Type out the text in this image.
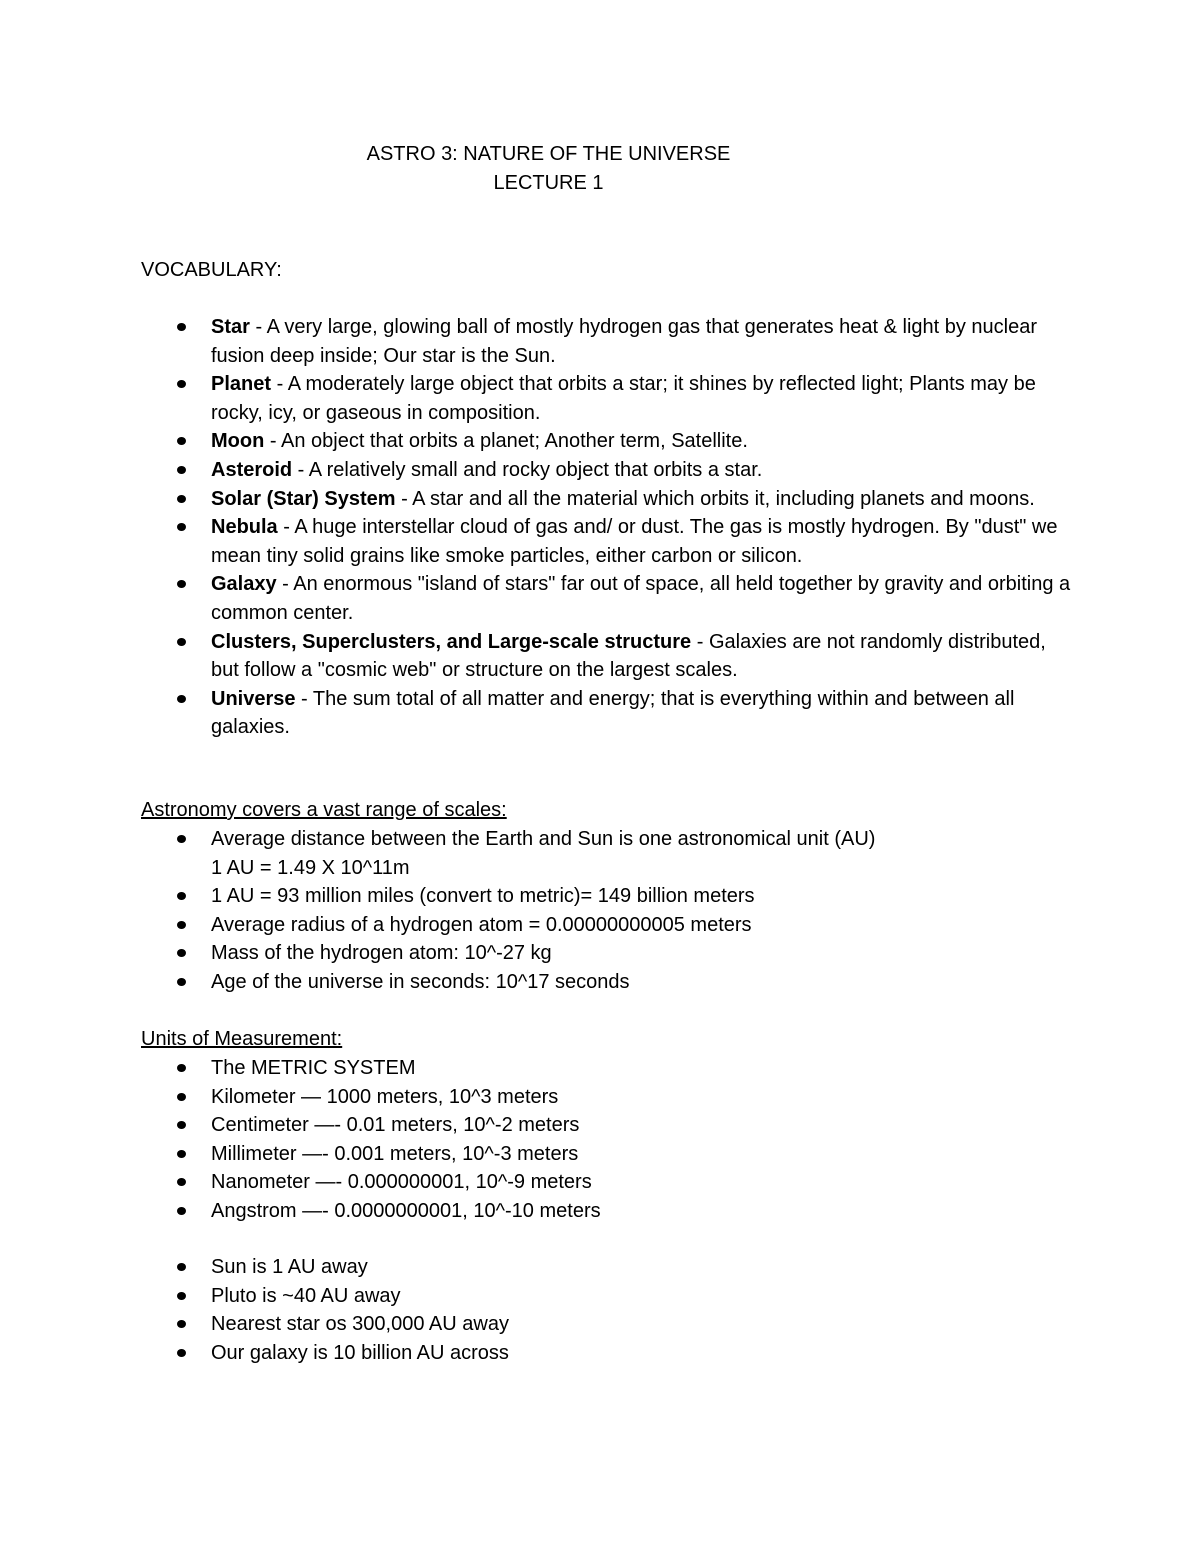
ASTRO 3: NATURE OF THE UNIVERSE
LECTURE 1
VOCABULARY:
Star - A very large, glowing ball of mostly hydrogen gas that generates heat & light by nuclear fusion deep inside; Our star is the Sun.
Planet - A moderately large object that orbits a star; it shines by reflected light; Plants may be rocky, icy, or gaseous in composition.
Moon - An object that orbits a planet; Another term, Satellite.
Asteroid - A relatively small and rocky object that orbits a star.
Solar (Star) System - A star and all the material which orbits it, including planets and moons.
Nebula - A huge interstellar cloud of gas and/ or dust. The gas is mostly hydrogen. By "dust" we mean tiny solid grains like smoke particles, either carbon or silicon.
Galaxy - An enormous "island of stars" far out of space, all held together by gravity and orbiting a common center.
Clusters, Superclusters, and Large-scale structure - Galaxies are not randomly distributed, but follow a "cosmic web" or structure on the largest scales.
Universe - The sum total of all matter and energy; that is everything within and between all galaxies.
Astronomy covers a vast range of scales:
Average distance between the Earth and Sun is one astronomical unit (AU)
1 AU = 1.49 X 10^11m
1 AU = 93 million miles (convert to metric)= 149 billion meters
Average radius of a hydrogen atom = 0.00000000005 meters
Mass of the hydrogen atom: 10^-27 kg
Age of the universe in seconds: 10^17 seconds
Units of Measurement:
The METRIC SYSTEM
Kilometer — 1000 meters, 10^3 meters
Centimeter —- 0.01 meters, 10^-2 meters
Millimeter —- 0.001 meters, 10^-3 meters
Nanometer —- 0.000000001, 10^-9 meters
Angstrom —- 0.0000000001, 10^-10 meters
Sun is 1 AU away
Pluto is ~40 AU away
Nearest star os 300,000 AU away
Our galaxy is 10 billion AU across
